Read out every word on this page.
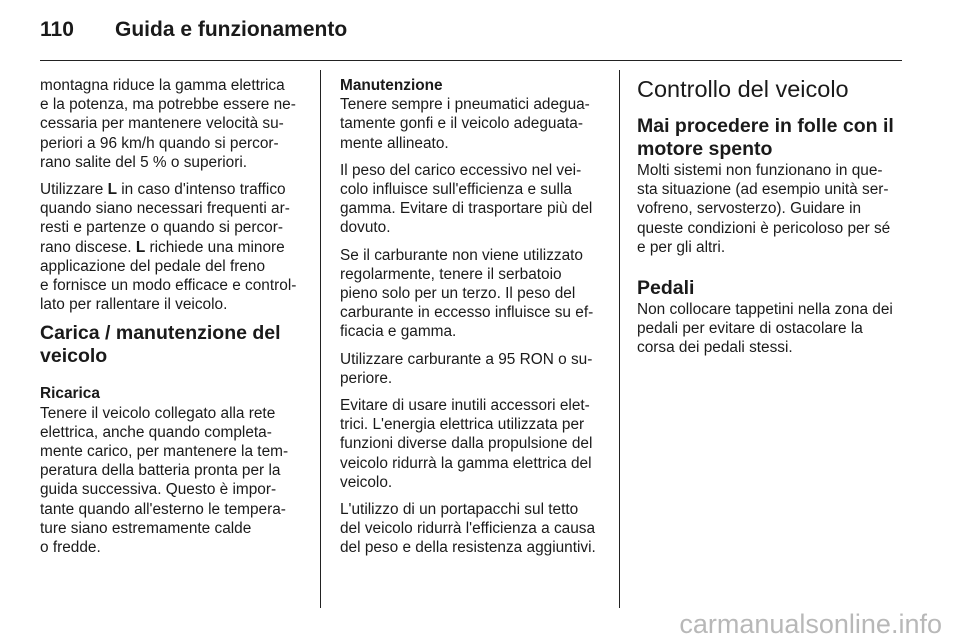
110 Guida e funzionamento

montagna riduce la gamma elettrica
e la potenza, ma potrebbe essere ne-
cessaria per mantenere velocità su-
periori a 96 km/h quando si percor-
rano salite del 5 % o superiori.

Utilizzare L in caso d'intenso traffico
quando siano necessari frequenti ar-
resti e partenze o quando si percor-
rano discese. L richiede una minore
applicazione del pedale del freno
e fornisce un modo efficace e control-
lato per rallentare il veicolo.

Carica / manutenzione del
veicolo
Ricarica

Tenere il veicolo collegato alla rete
elettrica, anche quando completa-
mente carico, per mantenere la tem-
peratura della batteria pronta per la
guida successiva. Questo è impor-
tante quando all'esterno le tempera-
ture siano estremamente calde
o fredde.

Manutenzione

Tenere sempre i pneumatici adegua-
tamente gonfi e il veicolo adeguata-
mente allineato.

Il peso del carico eccessivo nel vei-
colo influisce sull'efficienza e sulla
gamma. Evitare di trasportare più del
dovuto.

Se il carburante non viene utilizzato
regolarmente, tenere il serbatoio
pieno solo per un terzo. Il peso del
carburante in eccesso influisce su ef-
ficacia e gamma.

Utilizzare carburante a 95 RON o su-
periore.

Evitare di usare inutili accessori elet-
trici. L'energia elettrica utilizzata per
funzioni diverse dalla propulsione del
veicolo ridurrà la gamma elettrica del
veicolo.

L'utilizzo di un portapacchi sul tetto
del veicolo ridurrà l'efficienza a causa
del peso e della resistenza aggiuntivi.

Controllo del veicolo
Mai procedere in folle con il
motore spento

Molti sistemi non funzionano in que-
sta situazione (ad esempio unità ser-
vofreno, servosterzo). Guidare in
queste condizioni è pericoloso per sé
e per gli altri.

Pedali

Non collocare tappetini nella zona dei
pedali per evitare di ostacolare la
corsa dei pedali stessi.

carmanualsonline.info
